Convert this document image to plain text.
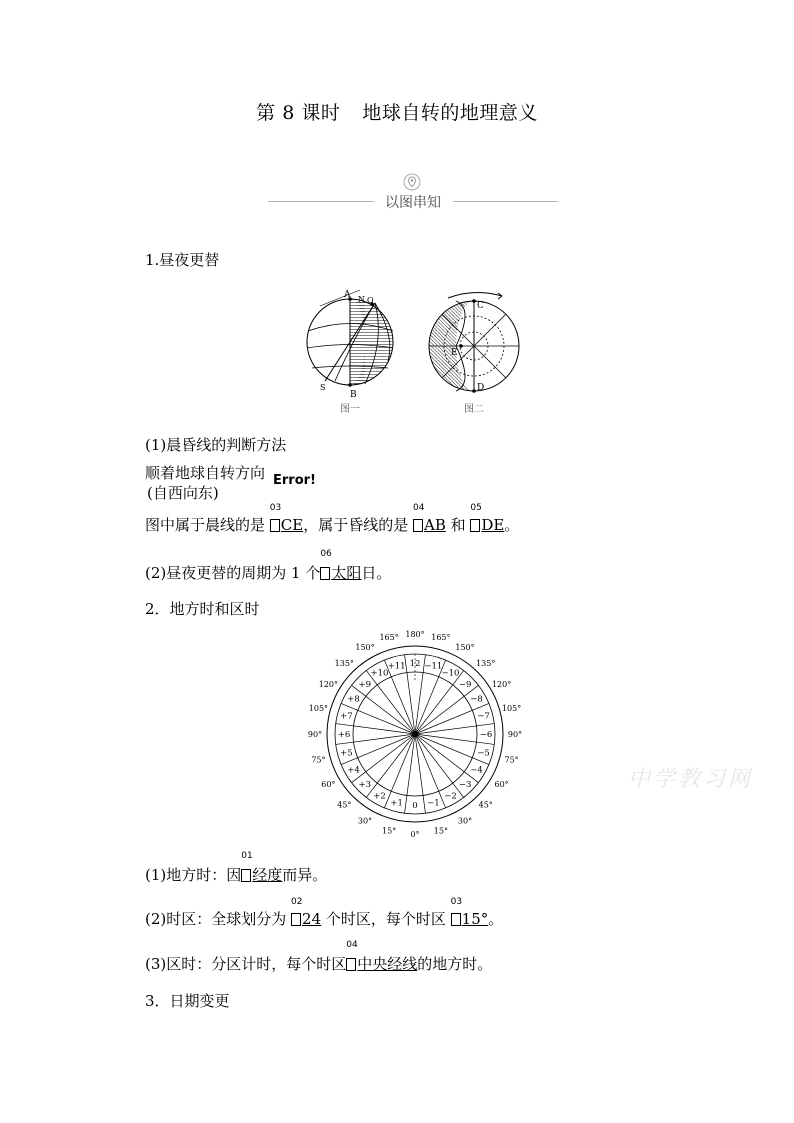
第 8 课时 地球自转的地理意义
以图串知
1.昼夜更替
A N O
S
B
图一
C
E
D
图二
(1)晨昏线的判断方法
顺着地球自转方向
(自西向东)
Error!
图中属于晨线的是
03
CE，属于昏线的是
04
AB 和
05
DE。
(2)昼夜更替的周期为 1 个
06
太阳日。
2．地方时和区时
+11
+10
+9
+8
+7
+6
+5
+4
+3
+2
+1 0
−11
−10
−9
−8
−7
−6
−5
−4
−3
−2
−1
12
0°
15°
30°
45°
60°
75°
90°
105°
120°
135°
150°
165° 180° 165°
150°
135°
120°
105°
90°
75°
60°
45°
30°
15°
中学教习网
(1)地方时：因
01
经度而异。
(2)时区：全球划分为
02
24 个时区，每个时区
03
15°。
(3)区时：分区计时，每个时区
04
中央经线的地方时。
3．日期变更
